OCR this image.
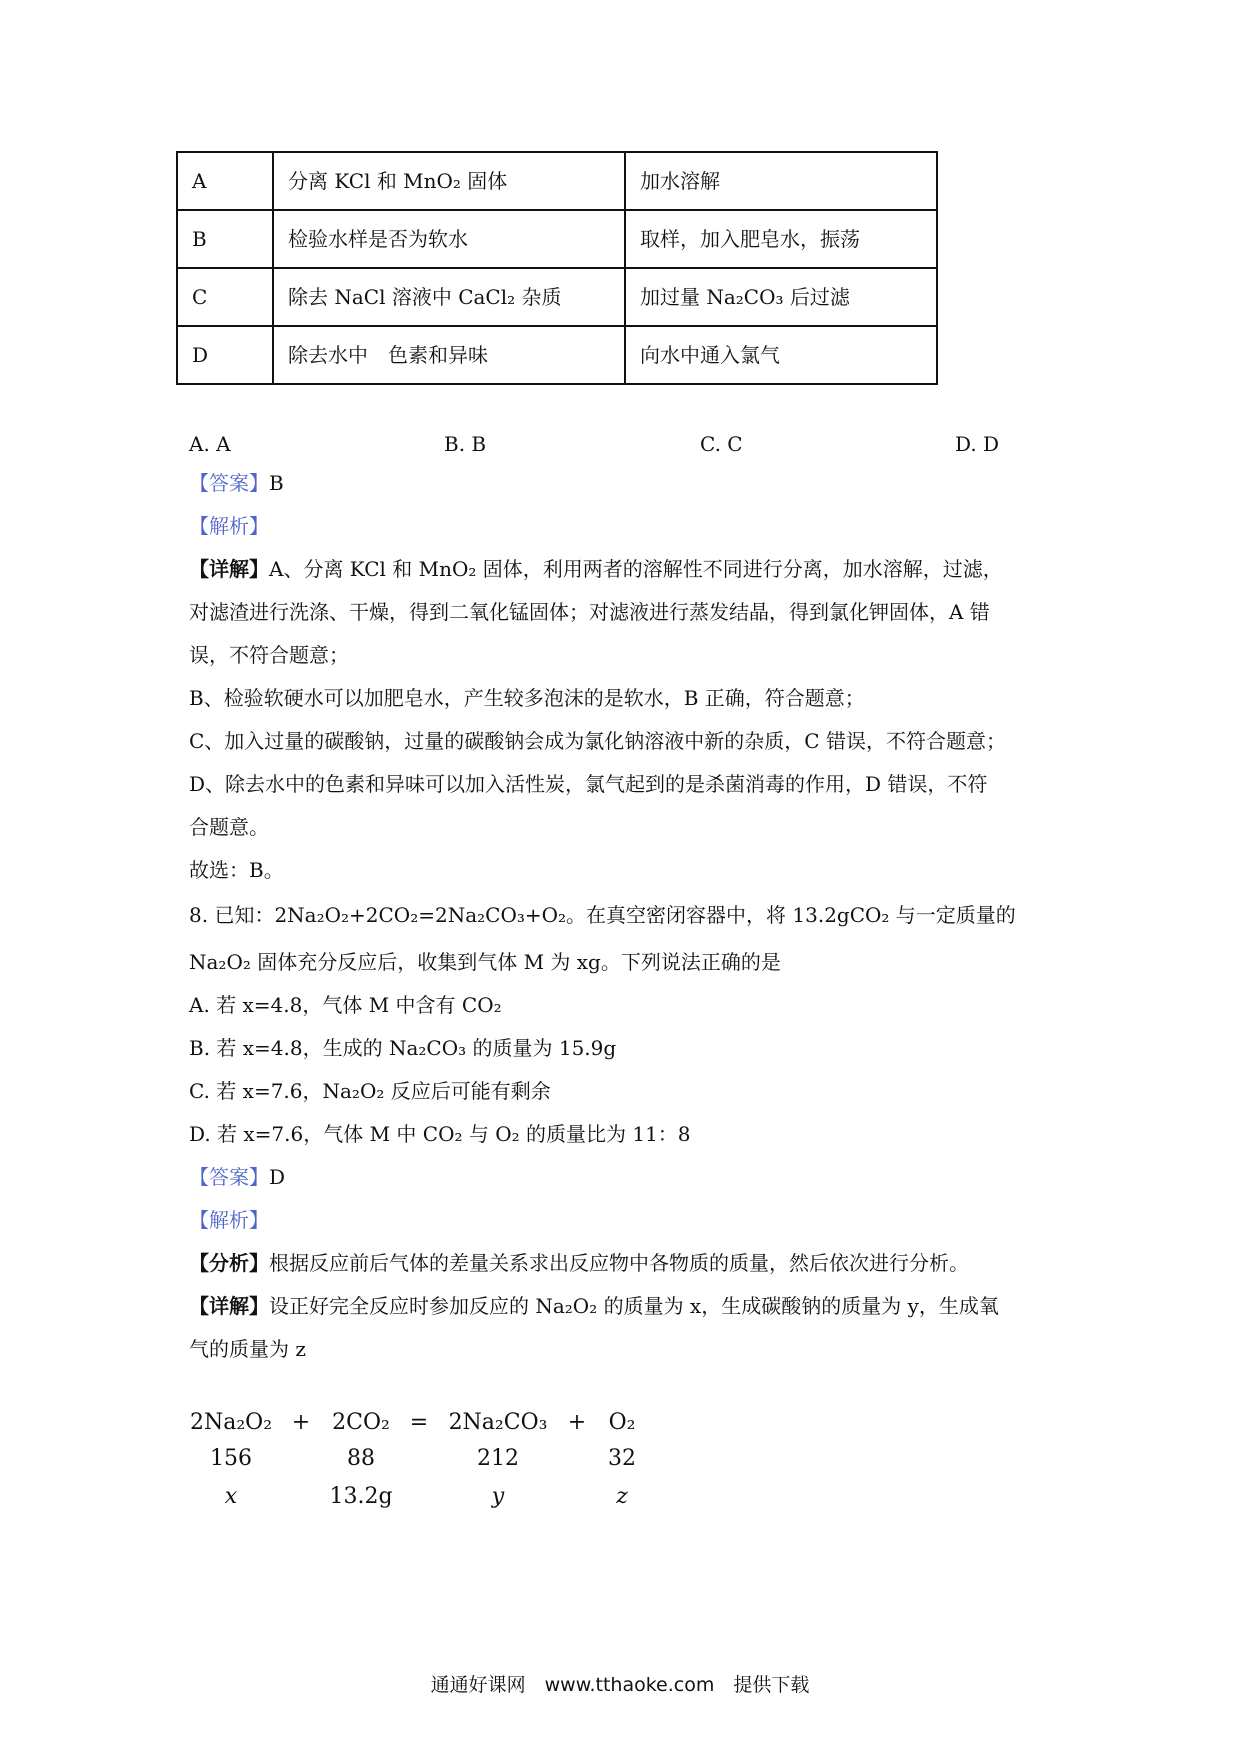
A	分离 KCl 和 MnO₂ 固体	加水溶解
B	检验水样是否为软水	取样，加入肥皂水，振荡
C	除去 NaCl 溶液中 CaCl₂ 杂质	加过量 Na₂CO₃ 后过滤
D	除去水中　色素和异味	向水中通入氯气
A. A	B. B	C. C	D. D
【答案】B
【解析】
【详解】A、分离 KCl 和 MnO₂ 固体，利用两者的溶解性不同进行分离，加水溶解，过滤，
对滤渣进行洗涤、干燥，得到二氧化锰固体；对滤液进行蒸发结晶，得到氯化钾固体，A 错
误，不符合题意；
B、检验软硬水可以加肥皂水，产生较多泡沫的是软水，B 正确，符合题意；
C、加入过量的碳酸钠，过量的碳酸钠会成为氯化钠溶液中新的杂质，C 错误，不符合题意；
D、除去水中的色素和异味可以加入活性炭，氯气起到的是杀菌消毒的作用，D 错误，不符
合题意。
故选：B。
8. 已知：2Na₂O₂+2CO₂=2Na₂CO₃+O₂。在真空密闭容器中，将 13.2gCO₂ 与一定质量的
Na₂O₂ 固体充分反应后，收集到气体 M 为 xg。下列说法正确的是
A. 若 x=4.8，气体 M 中含有 CO₂
B. 若 x=4.8，生成的 Na₂CO₃ 的质量为 15.9g
C. 若 x=7.6，Na₂O₂ 反应后可能有剩余
D. 若 x=7.6，气体 M 中 CO₂ 与 O₂ 的质量比为 11：8
【答案】D
【解析】
【分析】根据反应前后气体的差量关系求出反应物中各物质的质量，然后依次进行分析。
【详解】设正好完全反应时参加反应的 Na₂O₂ 的质量为 x，生成碳酸钠的质量为 y，生成氧
气的质量为 z
2Na₂O₂ + 2CO₂ = 2Na₂CO₃ + O₂
156	88	212	32
x	13.2g	y	z
通通好课网　www.tthaoke.com　提供下载
